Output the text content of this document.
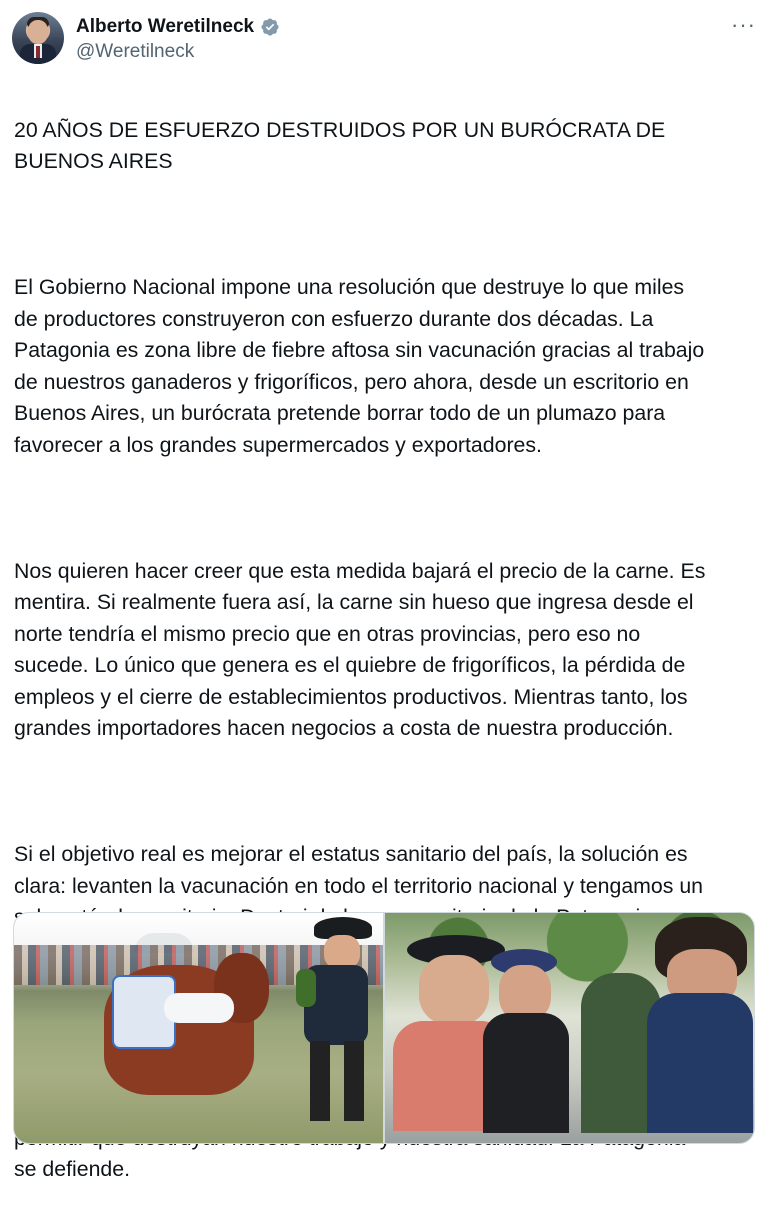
Alberto Weretilneck
@Weretilneck
···

20 AÑOS DE ESFUERZO DESTRUIDOS POR UN BURÓCRATA DE
BUENOS AIRES

El Gobierno Nacional impone una resolución que destruye lo que miles
de productores construyeron con esfuerzo durante dos décadas. La
Patagonia es zona libre de fiebre aftosa sin vacunación gracias al trabajo
de nuestros ganaderos y frigoríficos, pero ahora, desde un escritorio en
Buenos Aires, un burócrata pretende borrar todo de un plumazo para
favorecer a los grandes supermercados y exportadores.

Nos quieren hacer creer que esta medida bajará el precio de la carne. Es
mentira. Si realmente fuera así, la carne sin hueso que ingresa desde el
norte tendría el mismo precio que en otras provincias, pero eso no
sucede. Lo único que genera es el quiebre de frigoríficos, la pérdida de
empleos y el cierre de establecimientos productivos. Mientras tanto, los
grandes importadores hacen negocios a costa de nuestra producción.

Si el objetivo real es mejorar el estatus sanitario del país, la solución es
clara: levanten la vacunación en todo el territorio nacional y tengamos un

se defiende.
